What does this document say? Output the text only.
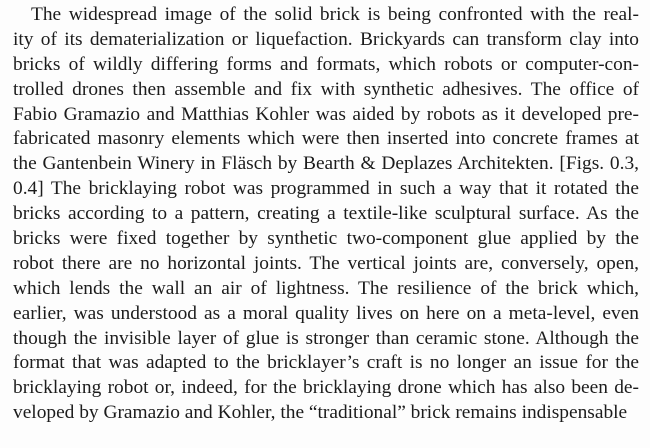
The widespread image of the solid brick is being confronted with the real-
ity of its dematerialization or liquefaction. Brickyards can transform clay into
bricks of wildly differing forms and formats, which robots or computer-con-
trolled drones then assemble and fix with synthetic adhesives. The office of
Fabio Gramazio and Matthias Kohler was aided by robots as it developed pre-
fabricated masonry elements which were then inserted into concrete frames at
the Gantenbein Winery in Fläsch by Bearth & Deplazes Architekten. [Figs. 0.3,
0.4] The bricklaying robot was programmed in such a way that it rotated the
bricks according to a pattern, creating a textile-like sculptural surface. As the
bricks were fixed together by synthetic two-component glue applied by the
robot there are no horizontal joints. The vertical joints are, conversely, open,
which lends the wall an air of lightness. The resilience of the brick which,
earlier, was understood as a moral quality lives on here on a meta-level, even
though the invisible layer of glue is stronger than ceramic stone. Although the
format that was adapted to the bricklayer’s craft is no longer an issue for the
bricklaying robot or, indeed, for the bricklaying drone which has also been de-
veloped by Gramazio and Kohler, the “traditional” brick remains indispensable
